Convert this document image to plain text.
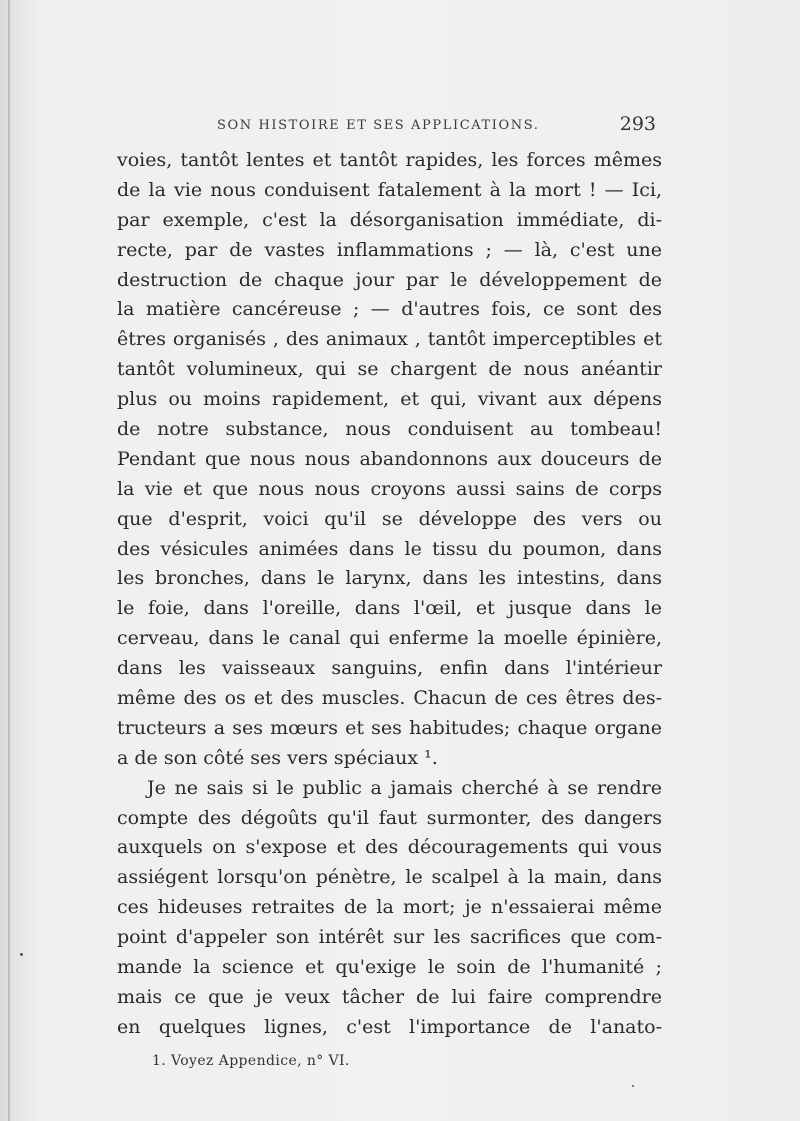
SON HISTOIRE ET SES APPLICATIONS.	293
voies, tantôt lentes et tantôt rapides, les forces mêmes
de la vie nous conduisent fatalement à la mort ! — Ici,
par exemple, c'est la désorganisation immédiate, di-
recte, par de vastes inflammations ; — là, c'est une
destruction de chaque jour par le développement de
la matière cancéreuse ; — d'autres fois, ce sont des
êtres organisés , des animaux , tantôt imperceptibles et
tantôt volumineux, qui se chargent de nous anéantir
plus ou moins rapidement, et qui, vivant aux dépens
de notre substance, nous conduisent au tombeau!
Pendant que nous nous abandonnons aux douceurs de
la vie et que nous nous croyons aussi sains de corps
que d'esprit, voici qu'il se développe des vers ou
des vésicules animées dans le tissu du poumon, dans
les bronches, dans le larynx, dans les intestins, dans
le foie, dans l'oreille, dans l'œil, et jusque dans le
cerveau, dans le canal qui enferme la moelle épinière,
dans les vaisseaux sanguins, enfin dans l'intérieur
même des os et des muscles. Chacun de ces êtres des-
tructeurs a ses mœurs et ses habitudes; chaque organe
a de son côté ses vers spéciaux ¹.
Je ne sais si le public a jamais cherché à se rendre
compte des dégoûts qu'il faut surmonter, des dangers
auxquels on s'expose et des découragements qui vous
assiégent lorsqu'on pénètre, le scalpel à la main, dans
ces hideuses retraites de la mort; je n'essaierai même
point d'appeler son intérêt sur les sacrifices que com-
mande la science et qu'exige le soin de l'humanité ;
mais ce que je veux tâcher de lui faire comprendre
en quelques lignes, c'est l'importance de l'anato-
1. Voyez Appendice, n° VI.
